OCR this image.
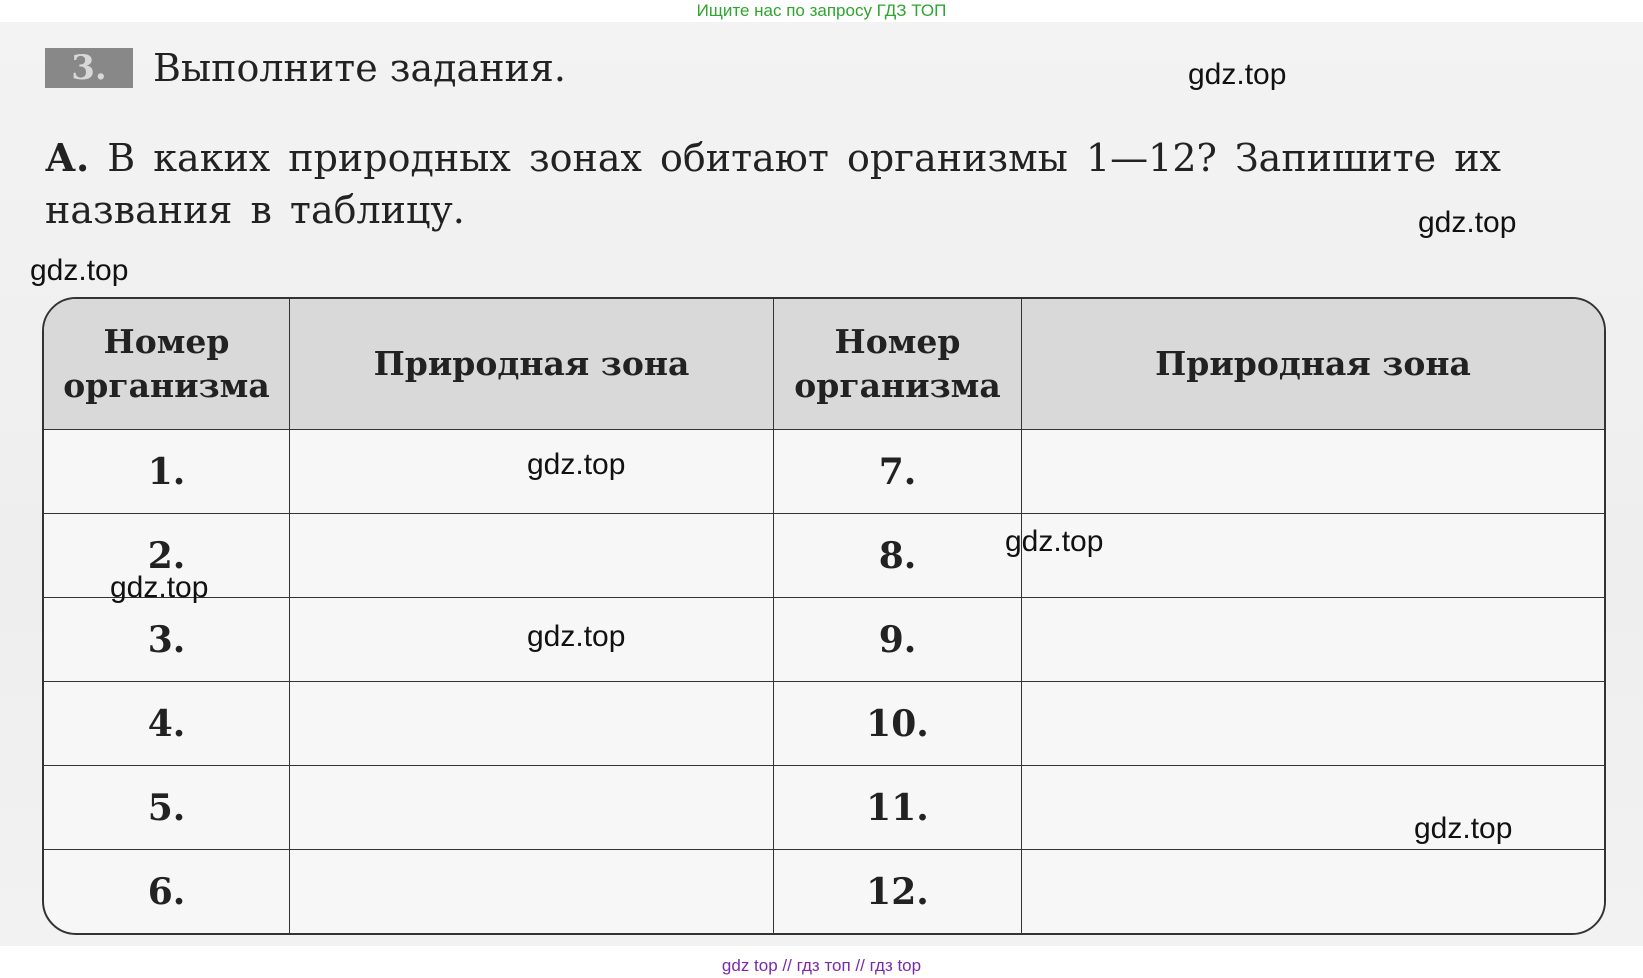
Ищите нас по запросу ГДЗ ТОП
3.	Выполните задания.
А. В каких природных зонах обитают организмы 1—12? Запишите их названия в таблицу.
Номер организма	Природная зона	Номер организма	Природная зона
1.		7.	
2.		8.	
3.		9.	
4.		10.	
5.		11.	
6.		12.	
gdz.top
gdz.top
gdz.top
gdz.top
gdz.top
gdz.top
gdz.top
gdz.top
gdz top // гдз топ // гдз top
